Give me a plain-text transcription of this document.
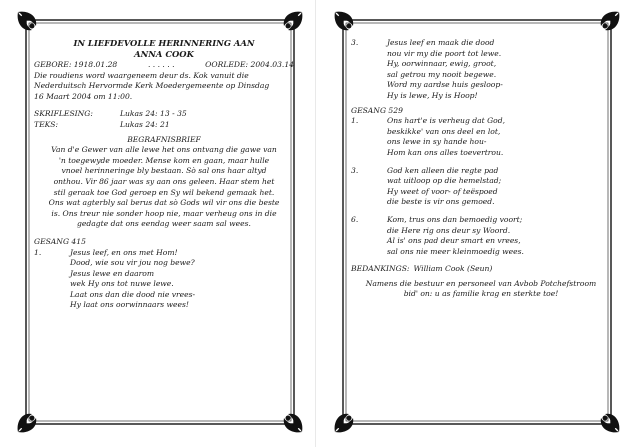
IN LIEFDEVOLLE HERINNERING AAN
ANNA COOK
GEBORE: 1918.01.28	. . . . . .	OORLEDE: 2004.03.14
Die roudiens word waargeneem deur ds. Kok vanuit die
Nederduitsch Hervormde Kerk Moedergemeente op Dinsdag
16 Maart 2004 om 11:00.
SKRIFLESING:	Lukas 24: 13 - 35
TEKS:	Lukas 24: 21
BEGRAFNISBRIEF
Van d'e Gewer van alle lewe het ons ontvang die gawe van
'n toegewyde moeder. Mense kom en gaan, maar hulle
vnoel herinneringe bly bestaan. Sò sal ons haar altyd
onthou. Vir 86 jaar was sy aan ons geleen. Haar stem het
stil geraak toe God geroep en Sy wil bekend gemaak het.
Ons wat agterbly sal berus dat sò Gods wil vir ons die beste
is. Ons treur nie sonder hoop nie, maar verheug ons in die
gedagte dat ons eendag weer saam sal wees.
GESANG 415
1.	Jesus leef, en ons met Hom!
Dood, wie sou vir jou nog bewe?
Jesus lewe en daarom
wek Hy ons tot nuwe lewe.
Laat ons dan die dood nie vrees-
Hy laat ons oorwinnaars wees!
3.	Jesus leef en maak die dood
nou vir my die poort tot lewe.
Hy, oorwinnaar, ewig, groot,
sal getrou my nooit begewe.
Word my aardse huis gesloop-
Hy is lewe, Hy is Hoop!
GESANG 529
1.	Ons hart'e is verheug dat God,
beskikke' van ons deel en lot,
ons lewe in sy hande hou-
Hom kan ons alles toevertrou.
3.	God ken alleen die regte pad
wat uitloop op die hemelstad;
Hy weet of voor- of teëspoed
die beste is vir ons gemoed.
6.	Kom, trus ons dan bemoedig voort;
die Here rig ons deur sy Woord.
Al is' ons pad deur smart en vrees,
sal ons nie meer kleinmoedig wees.
BEDANKINGS: William Cook (Seun)
Namens die bestuur en personeel van Avbob Potchefstroom
bid' on: u as familie krag en sterkte toe!
